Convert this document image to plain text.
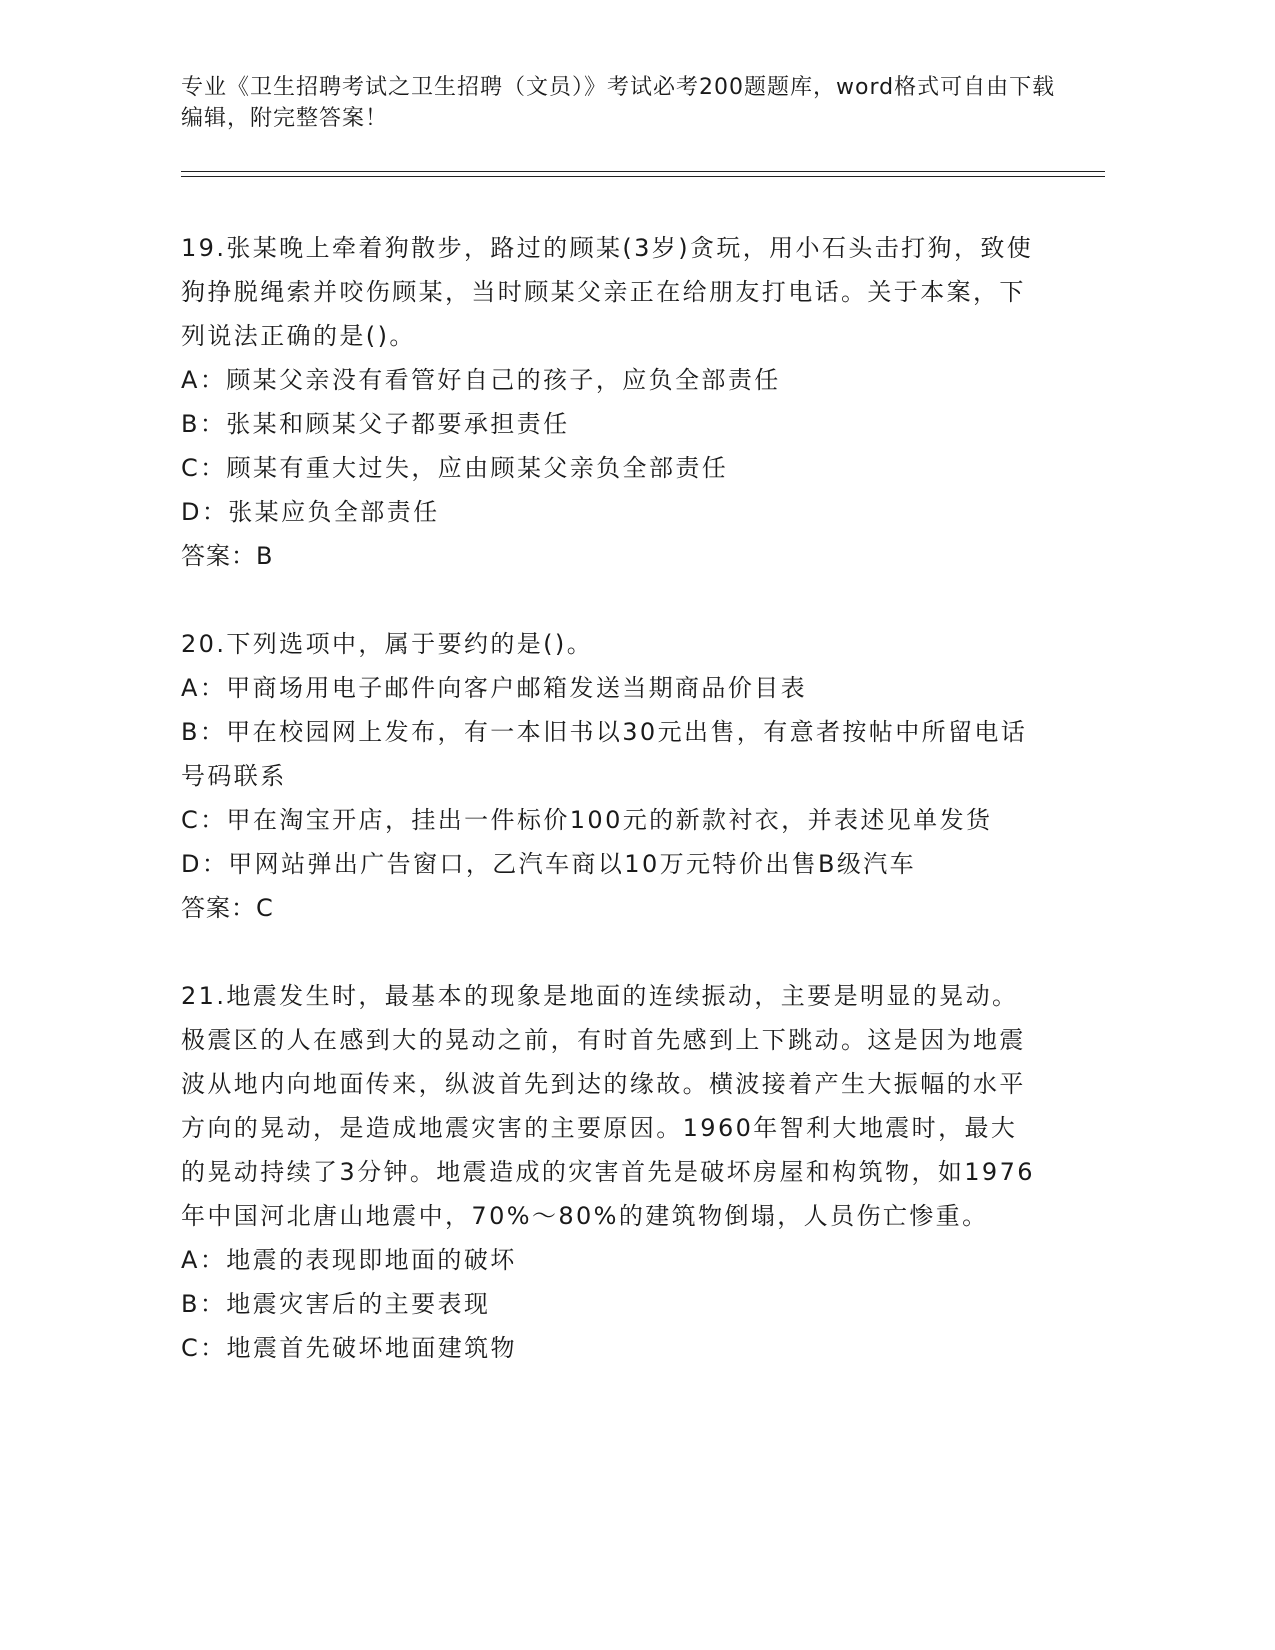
专业《卫生招聘考试之卫生招聘（文员）》考试必考200题题库，word格式可自由下载编辑，附完整答案！

19.张某晚上牵着狗散步，路过的顾某(3岁)贪玩，用小石头击打狗，致使狗挣脱绳索并咬伤顾某，当时顾某父亲正在给朋友打电话。关于本案，下列说法正确的是()。

A：顾某父亲没有看管好自己的孩子，应负全部责任

B：张某和顾某父子都要承担责任

C：顾某有重大过失，应由顾某父亲负全部责任

D：张某应负全部责任

答案：B

20.下列选项中，属于要约的是()。

A：甲商场用电子邮件向客户邮箱发送当期商品价目表

B：甲在校园网上发布，有一本旧书以30元出售，有意者按帖中所留电话号码联系

C：甲在淘宝开店，挂出一件标价100元的新款衬衣，并表述见单发货

D：甲网站弹出广告窗口，乙汽车商以10万元特价出售B级汽车

答案：C

21.地震发生时，最基本的现象是地面的连续振动，主要是明显的晃动。极震区的人在感到大的晃动之前，有时首先感到上下跳动。这是因为地震波从地内向地面传来，纵波首先到达的缘故。横波接着产生大振幅的水平方向的晃动，是造成地震灾害的主要原因。1960年智利大地震时，最大的晃动持续了3分钟。地震造成的灾害首先是破坏房屋和构筑物，如1976年中国河北唐山地震中，70%～80%的建筑物倒塌，人员伤亡惨重。

A：地震的表现即地面的破坏

B：地震灾害后的主要表现

C：地震首先破坏地面建筑物
